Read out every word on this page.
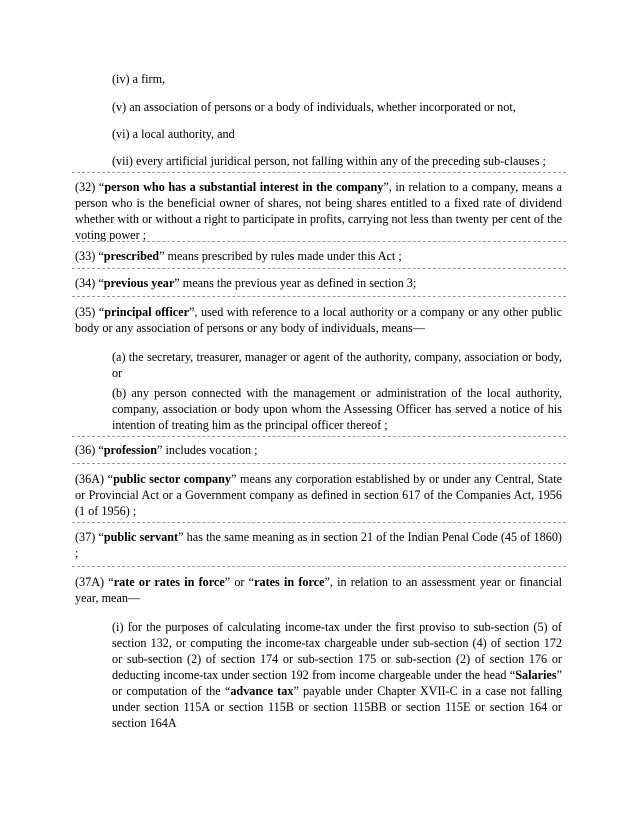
(iv) a firm,

(v) an association of persons or a body of individuals, whether incorporated or not,

(vi) a local authority, and

(vii) every artificial juridical person, not falling within any of the preceding sub-clauses ;

(32) “person who has a substantial interest in the company”, in relation to a company, means a person who is the beneficial owner of shares, not being shares entitled to a fixed rate of dividend whether with or without a right to participate in profits, carrying not less than twenty per cent of the voting power ;

(33) “prescribed” means prescribed by rules made under this Act ;

(34) “previous year” means the previous year as defined in section 3;

(35) “principal officer”, used with reference to a local authority or a company or any other public body or any association of persons or any body of individuals, means—

(a) the secretary, treasurer, manager or agent of the authority, company, association or body, or

(b) any person connected with the management or administration of the local authority, company, association or body upon whom the Assessing Officer has served a notice of his intention of treating him as the principal officer thereof ;

(36) “profession” includes vocation ;

(36A) “public sector company” means any corporation established by or under any Central, State or Provincial Act or a Government company as defined in section 617 of the Companies Act, 1956 (1 of 1956) ;

(37) “public servant” has the same meaning as in section 21 of the Indian Penal Code (45 of 1860) ;

(37A) “rate or rates in force” or “rates in force”, in relation to an assessment year or financial year, mean—

(i) for the purposes of calculating income-tax under the first proviso to sub-section (5) of section 132, or computing the income-tax chargeable under sub-section (4) of section 172 or sub-section (2) of section 174 or sub-section 175 or sub-section (2) of section 176 or deducting income-tax under section 192 from income chargeable under the head “Salaries” or computation of the “advance tax” payable under Chapter XVII-C in a case not falling under section 115A or section 115B or section 115BB or section 115E or section 164 or section 164A
